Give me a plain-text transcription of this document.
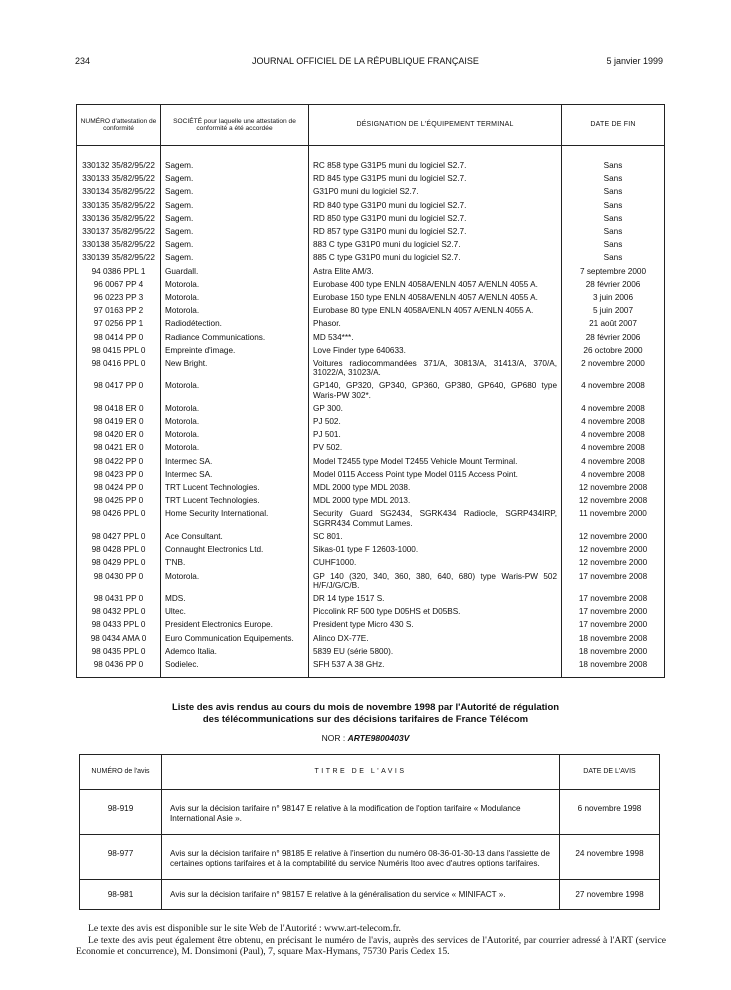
234	JOURNAL OFFICIEL DE LA RÉPUBLIQUE FRANÇAISE	5 janvier 1999
NUMÉRO d'attestation de conformité	SOCIÉTÉ pour laquelle une attestation de conformité a été accordée	DÉSIGNATION DE L'ÉQUIPEMENT TERMINAL	DATE DE FIN
330132 35/82/95/22	Sagem.	RC 858 type G31P5 muni du logiciel S2.7.	Sans
330133 35/82/95/22	Sagem.	RD 845 type G31P5 muni du logiciel S2.7.	Sans
330134 35/82/95/22	Sagem.	G31P0 muni du logiciel S2.7.	Sans
330135 35/82/95/22	Sagem.	RD 840 type G31P0 muni du logiciel S2.7.	Sans
330136 35/82/95/22	Sagem.	RD 850 type G31P0 muni du logiciel S2.7.	Sans
330137 35/82/95/22	Sagem.	RD 857 type G31P0 muni du logiciel S2.7.	Sans
330138 35/82/95/22	Sagem.	883 C type G31P0 muni du logiciel S2.7.	Sans
330139 35/82/95/22	Sagem.	885 C type G31P0 muni du logiciel S2.7.	Sans
94 0386 PPL 1	Guardall.	Astra Elite AM/3.	7 septembre 2000
96 0067 PP 4	Motorola.	Eurobase 400 type ENLN 4058A/ENLN 4057 A/ENLN 4055 A.	28 février 2006
96 0223 PP 3	Motorola.	Eurobase 150 type ENLN 4058A/ENLN 4057 A/ENLN 4055 A.	3 juin 2006
97 0163 PP 2	Motorola.	Eurobase 80 type ENLN 4058A/ENLN 4057 A/ENLN 4055 A.	5 juin 2007
97 0256 PP 1	Radiodétection.	Phasor.	21 août 2007
98 0414 PP 0	Radiance Communications.	MD 534***.	28 février 2006
98 0415 PPL 0	Empreinte d'image.	Love Finder type 640633.	26 octobre 2000
98 0416 PPL 0	New Bright.	Voitures radiocommandées 371/A, 30813/A, 31413/A, 370/A, 31022/A, 31023/A.	2 novembre 2000
98 0417 PP 0	Motorola.	GP140, GP320, GP340, GP360, GP380, GP640, GP680 type Waris-PW 302*.	4 novembre 2008
98 0418 ER 0	Motorola.	GP 300.	4 novembre 2008
98 0419 ER 0	Motorola.	PJ 502.	4 novembre 2008
98 0420 ER 0	Motorola.	PJ 501.	4 novembre 2008
98 0421 ER 0	Motorola.	PV 502.	4 novembre 2008
98 0422 PP 0	Intermec SA.	Model T2455 type Model T2455 Vehicle Mount Terminal.	4 novembre 2008
98 0423 PP 0	Intermec SA.	Model 0115 Access Point type Model 0115 Access Point.	4 novembre 2008
98 0424 PP 0	TRT Lucent Technologies.	MDL 2000 type MDL 2038.	12 novembre 2008
98 0425 PP 0	TRT Lucent Technologies.	MDL 2000 type MDL 2013.	12 novembre 2008
98 0426 PPL 0	Home Security International.	Security Guard SG2434, SGRK434 Radiocle, SGRP434IRP, SGRR434 Commut Lames.	11 novembre 2000
98 0427 PPL 0	Ace Consultant.	SC 801.	12 novembre 2000
98 0428 PPL 0	Connaught Electronics Ltd.	Sikas-01 type F 12603-1000.	12 novembre 2000
98 0429 PPL 0	T'NB.	CUHF1000.	12 novembre 2000
98 0430 PP 0	Motorola.	GP 140 (320, 340, 360, 380, 640, 680) type Waris-PW 502 H/F/J/G/C/B.	17 novembre 2008
98 0431 PP 0	MDS.	DR 14 type 1517 S.	17 novembre 2008
98 0432 PPL 0	Ultec.	Piccolink RF 500 type D05HS et D05BS.	17 novembre 2000
98 0433 PPL 0	President Electronics Europe.	President type Micro 430 S.	17 novembre 2000
98 0434 AMA 0	Euro Communication Equipements.	Alinco DX-77E.	18 novembre 2008
98 0435 PPL 0	Ademco Italia.	5839 EU (série 5800).	18 novembre 2000
98 0436 PP 0	Sodielec.	SFH 537 A 38 GHz.	18 novembre 2008
Liste des avis rendus au cours du mois de novembre 1998 par l'Autorité de régulation
des télécommunications sur des décisions tarifaires de France Télécom
NOR : ARTE9800403V
NUMÉRO de l'avis	TITRE DE L'AVIS	DATE DE L'AVIS
98-919	Avis sur la décision tarifaire n° 98147 E relative à la modification de l'option tarifaire « Modulance International Asie ».	6 novembre 1998
98-977	Avis sur la décision tarifaire n° 98185 E relative à l'insertion du numéro 08-36-01-30-13 dans l'assiette de certaines options tarifaires et à la comptabilité du service Numéris Itoo avec d'autres options tarifaires.	24 novembre 1998
98-981	Avis sur la décision tarifaire n° 98157 E relative à la généralisation du service « MINIFACT ».	27 novembre 1998
Le texte des avis est disponible sur le site Web de l'Autorité : www.art-telecom.fr.
Le texte des avis peut également être obtenu, en précisant le numéro de l'avis, auprès des services de l'Autorité, par courrier adressé à l'ART (service Economie et concurrence), M. Donsimoni (Paul), 7, square Max-Hymans, 75730 Paris Cedex 15.
